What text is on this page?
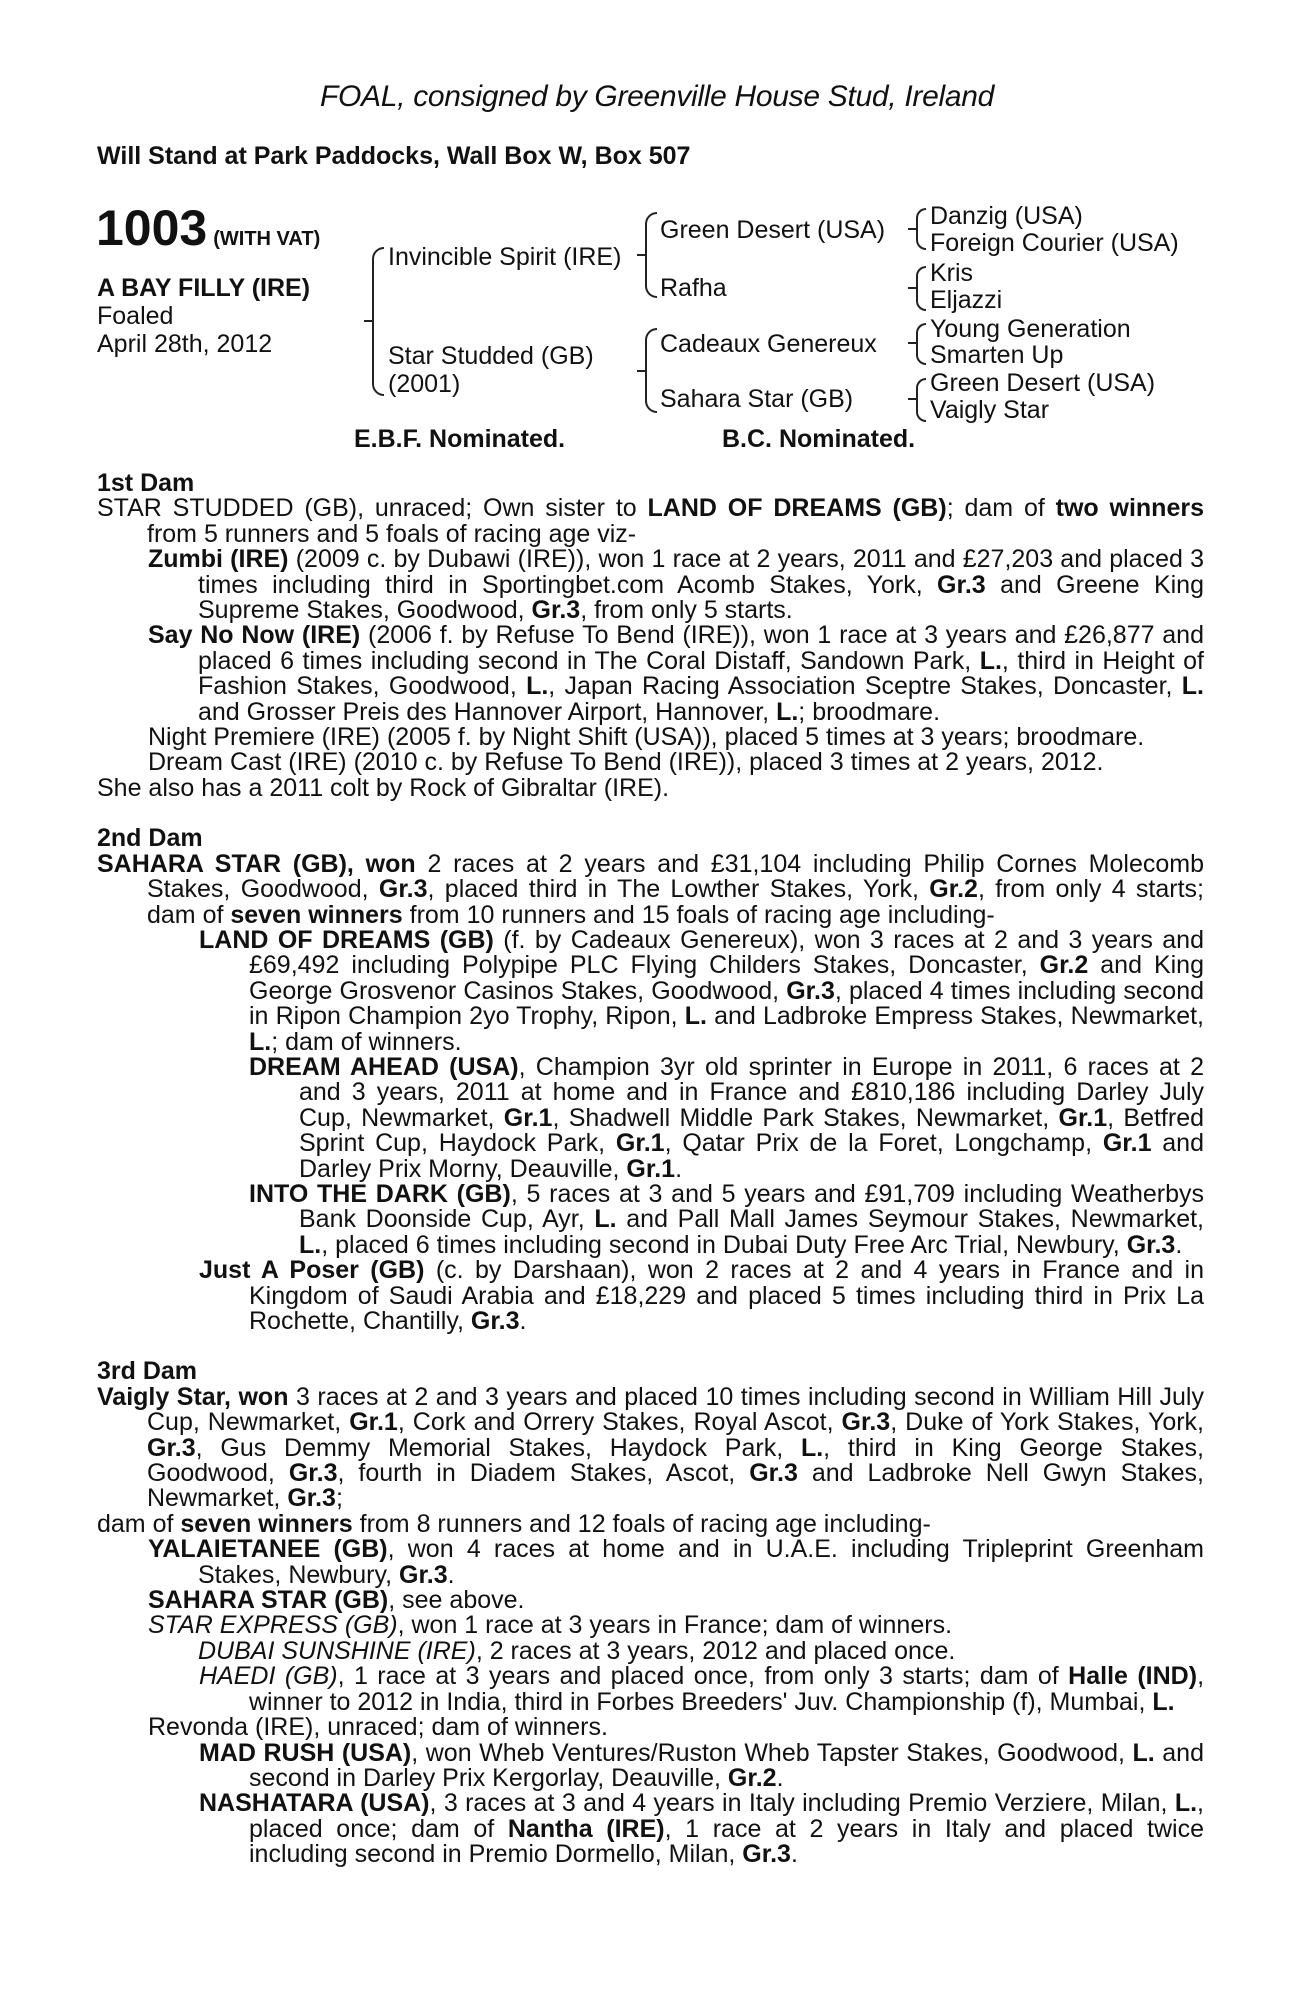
FOAL, consigned by Greenville House Stud, Ireland
Will Stand at Park Paddocks, Wall Box W, Box 507
1003 (WITH VAT)
A BAY FILLY (IRE)
Foaled
April 28th, 2012
Invincible Spirit (IRE)
Star Studded (GB)
(2001)
Green Desert (USA)
Rafha
Cadeaux Genereux
Sahara Star (GB)
Danzig (USA)
Foreign Courier (USA)
Kris
Eljazzi
Young Generation
Smarten Up
Green Desert (USA)
Vaigly Star
E.B.F. Nominated.	B.C. Nominated.
1st Dam

STAR STUDDED (GB), unraced; Own sister to LAND OF DREAMS (GB); dam of two winners from 5 runners and 5 foals of racing age viz-

Zumbi (IRE) (2009 c. by Dubawi (IRE)), won 1 race at 2 years, 2011 and £27,203 and placed 3 times including third in Sportingbet.com Acomb Stakes, York, Gr.3 and Greene King Supreme Stakes, Goodwood, Gr.3, from only 5 starts.

Say No Now (IRE) (2006 f. by Refuse To Bend (IRE)), won 1 race at 3 years and £26,877 and placed 6 times including second in The Coral Distaff, Sandown Park, L., third in Height of Fashion Stakes, Goodwood, L., Japan Racing Association Sceptre Stakes, Doncaster, L. and Grosser Preis des Hannover Airport, Hannover, L.; broodmare.

Night Premiere (IRE) (2005 f. by Night Shift (USA)), placed 5 times at 3 years; broodmare.

Dream Cast (IRE) (2010 c. by Refuse To Bend (IRE)), placed 3 times at 2 years, 2012.

She also has a 2011 colt by Rock of Gibraltar (IRE).

2nd Dam

SAHARA STAR (GB), won 2 races at 2 years and £31,104 including Philip Cornes Molecomb Stakes, Goodwood, Gr.3, placed third in The Lowther Stakes, York, Gr.2, from only 4 starts; dam of seven winners from 10 runners and 15 foals of racing age including-

LAND OF DREAMS (GB) (f. by Cadeaux Genereux), won 3 races at 2 and 3 years and £69,492 including Polypipe PLC Flying Childers Stakes, Doncaster, Gr.2 and King George Grosvenor Casinos Stakes, Goodwood, Gr.3, placed 4 times including second in Ripon Champion 2yo Trophy, Ripon, L. and Ladbroke Empress Stakes, Newmarket, L.; dam of winners.

DREAM AHEAD (USA), Champion 3yr old sprinter in Europe in 2011, 6 races at 2 and 3 years, 2011 at home and in France and £810,186 including Darley July Cup, Newmarket, Gr.1, Shadwell Middle Park Stakes, Newmarket, Gr.1, Betfred Sprint Cup, Haydock Park, Gr.1, Qatar Prix de la Foret, Longchamp, Gr.1 and Darley Prix Morny, Deauville, Gr.1.

INTO THE DARK (GB), 5 races at 3 and 5 years and £91,709 including Weatherbys Bank Doonside Cup, Ayr, L. and Pall Mall James Seymour Stakes, Newmarket, L., placed 6 times including second in Dubai Duty Free Arc Trial, Newbury, Gr.3.

Just A Poser (GB) (c. by Darshaan), won 2 races at 2 and 4 years in France and in Kingdom of Saudi Arabia and £18,229 and placed 5 times including third in Prix La Rochette, Chantilly, Gr.3.

3rd Dam

Vaigly Star, won 3 races at 2 and 3 years and placed 10 times including second in William Hill July Cup, Newmarket, Gr.1, Cork and Orrery Stakes, Royal Ascot, Gr.3, Duke of York Stakes, York, Gr.3, Gus Demmy Memorial Stakes, Haydock Park, L., third in King George Stakes, Goodwood, Gr.3, fourth in Diadem Stakes, Ascot, Gr.3 and Ladbroke Nell Gwyn Stakes, Newmarket, Gr.3;

dam of seven winners from 8 runners and 12 foals of racing age including-

YALAIETANEE (GB), won 4 races at home and in U.A.E. including Tripleprint Greenham Stakes, Newbury, Gr.3.

SAHARA STAR (GB), see above.

STAR EXPRESS (GB), won 1 race at 3 years in France; dam of winners.

DUBAI SUNSHINE (IRE), 2 races at 3 years, 2012 and placed once.

HAEDI (GB), 1 race at 3 years and placed once, from only 3 starts; dam of Halle (IND), winner to 2012 in India, third in Forbes Breeders' Juv. Championship (f), Mumbai, L.

Revonda (IRE), unraced; dam of winners.

MAD RUSH (USA), won Wheb Ventures/Ruston Wheb Tapster Stakes, Goodwood, L. and second in Darley Prix Kergorlay, Deauville, Gr.2.

NASHATARA (USA), 3 races at 3 and 4 years in Italy including Premio Verziere, Milan, L., placed once; dam of Nantha (IRE), 1 race at 2 years in Italy and placed twice including second in Premio Dormello, Milan, Gr.3.
